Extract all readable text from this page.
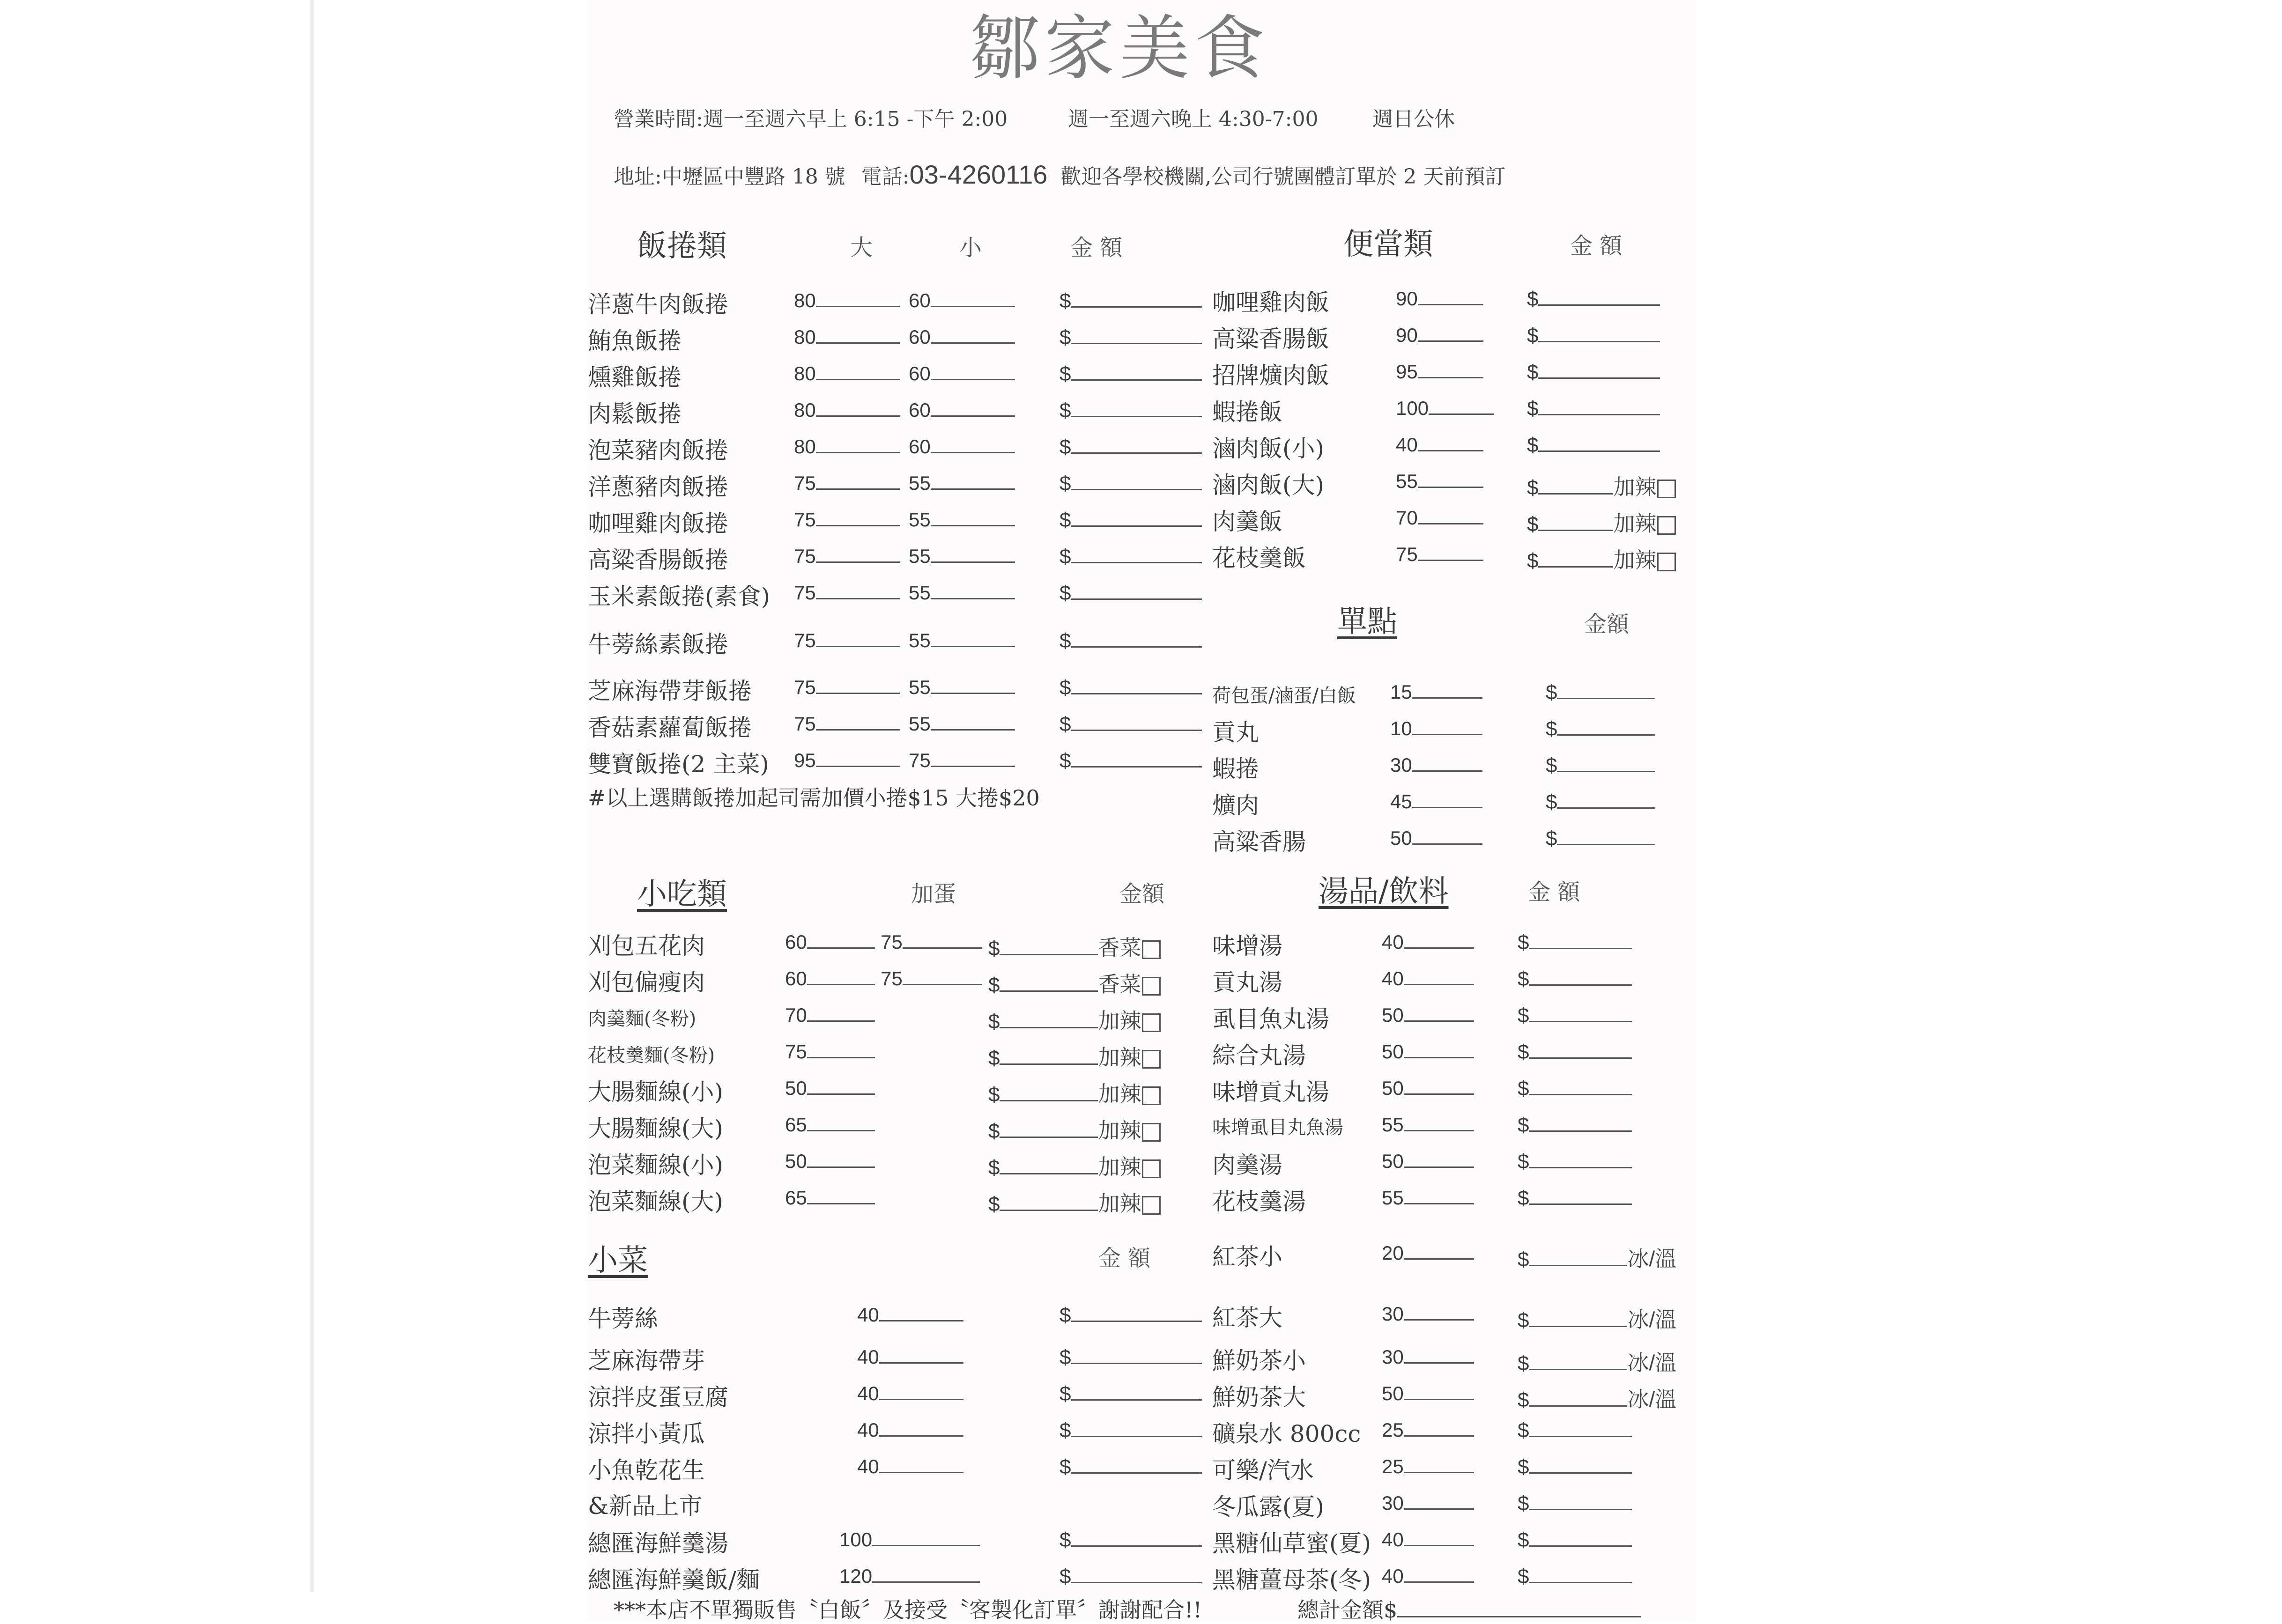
鄒家美食
營業時間:週一至週六早上 6:15 -下午 2:00	週一至週六晚上 4:30-7:00	週日公休
地址:中壢區中豐路 18 號 電話:03-4260116 歡迎各學校機關,公司行號團體訂單於 2 天前預訂
飯捲類	大	小	金 額	便當類	金 額
單點	金額
小吃類	加蛋	金額	湯品/飲料	金 額
小菜	金 額
洋蔥牛肉飯捲	80	60	$
鮪魚飯捲	80	60	$
燻雞飯捲	80	60	$
肉鬆飯捲	80	60	$
泡菜豬肉飯捲	80	60	$
洋蔥豬肉飯捲	75	55	$
咖哩雞肉飯捲	75	55	$
高粱香腸飯捲	75	55	$
玉米素飯捲(素食) 75	55	$
牛蒡絲素飯捲	75	55	$
芝麻海帶芽飯捲 75	55	$
香菇素蘿蔔飯捲 75	55	$
雙寶飯捲(2 主菜) 95	75	$
#以上選購飯捲加起司需加價小捲$15 大捲$20
咖哩雞肉飯	90	$
高粱香腸飯	90	$
招牌爌肉飯	95	$
蝦捲飯	100	$
滷肉飯(小)	40	$
滷肉飯(大)	55	$	加辣
肉羹飯	70	$	加辣
花枝羹飯	75	$	加辣
荷包蛋/滷蛋/白飯 15	$
貢丸	10	$
蝦捲	30	$
爌肉	45	$
高粱香腸	50	$
刈包五花肉	60	75	$	香菜
刈包偏瘦肉	60	75	$	香菜
肉羹麵(冬粉)	70	$	加辣
花枝羹麵(冬粉)	75	$	加辣
大腸麵線(小)	50	$	加辣
大腸麵線(大)	65	$	加辣
泡菜麵線(小)	50	$	加辣
泡菜麵線(大)	65	$	加辣
味增湯	40	$
貢丸湯	40	$
虱目魚丸湯	50	$
綜合丸湯	50	$
味增貢丸湯	50	$
味增虱目丸魚湯 55	$
肉羹湯	50	$
花枝羹湯	55	$
紅茶小	20	$	冰/溫
紅茶大	30	$	冰/溫
鮮奶茶小	30	$	冰/溫
鮮奶茶大	50	$	冰/溫
礦泉水 800cc 25	$
可樂/汽水	25	$
冬瓜露(夏)	30	$
黑糖仙草蜜(夏) 40	$
黑糖薑母茶(冬) 40	$
牛蒡絲	40	$
芝麻海帶芽	40	$
涼拌皮蛋豆腐	40	$
涼拌小黃瓜	40	$
小魚乾花生	40	$
&新品上市
總匯海鮮羹湯	100	$
總匯海鮮羹飯/麵	120	$
***本店不單獨販售〝白飯〞及接受〝客製化訂單〞謝謝配合!!	總計金額$
